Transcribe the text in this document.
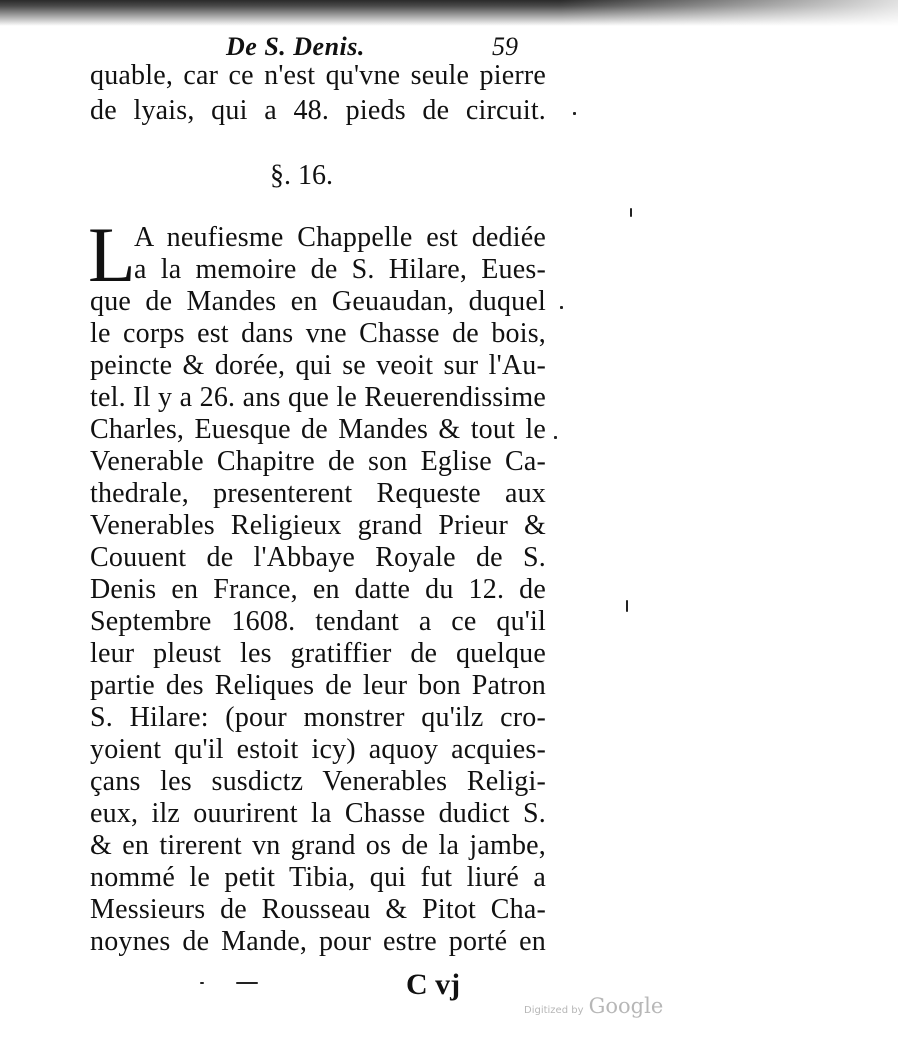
De S. Denis.	59
quable, car ce n'est qu'vne seule pierre
de lyais, qui a 48. pieds de circuit.
§. 16.
L
A neufiesme Chappelle est dediée
a la memoire de S. Hilare, Eues-
que de Mandes en Geuaudan, duquel
le corps est dans vne Chasse de bois,
peincte & dorée, qui se veoit sur l'Au-
tel. Il y a 26. ans que le Reuerendissime
Charles, Euesque de Mandes & tout le
Venerable Chapitre de son Eglise Ca-
thedrale, presenterent Requeste aux
Venerables Religieux grand Prieur &
Couuent de l'Abbaye Royale de S.
Denis en France, en datte du 12. de
Septembre 1608. tendant a ce qu'il
leur pleust les gratiffier de quelque
partie des Reliques de leur bon Patron
S. Hilare: (pour monstrer qu'ilz cro-
yoient qu'il estoit icy) aquoy acquies-
çans les susdictz Venerables Religi-
eux, ilz ouurirent la Chasse dudict S.
& en tirerent vn grand os de la jambe,
nommé le petit Tibia, qui fut liuré a
Messieurs de Rousseau & Pitot Cha-
noynes de Mande, pour estre porté en
C vj
Digitized by Google
